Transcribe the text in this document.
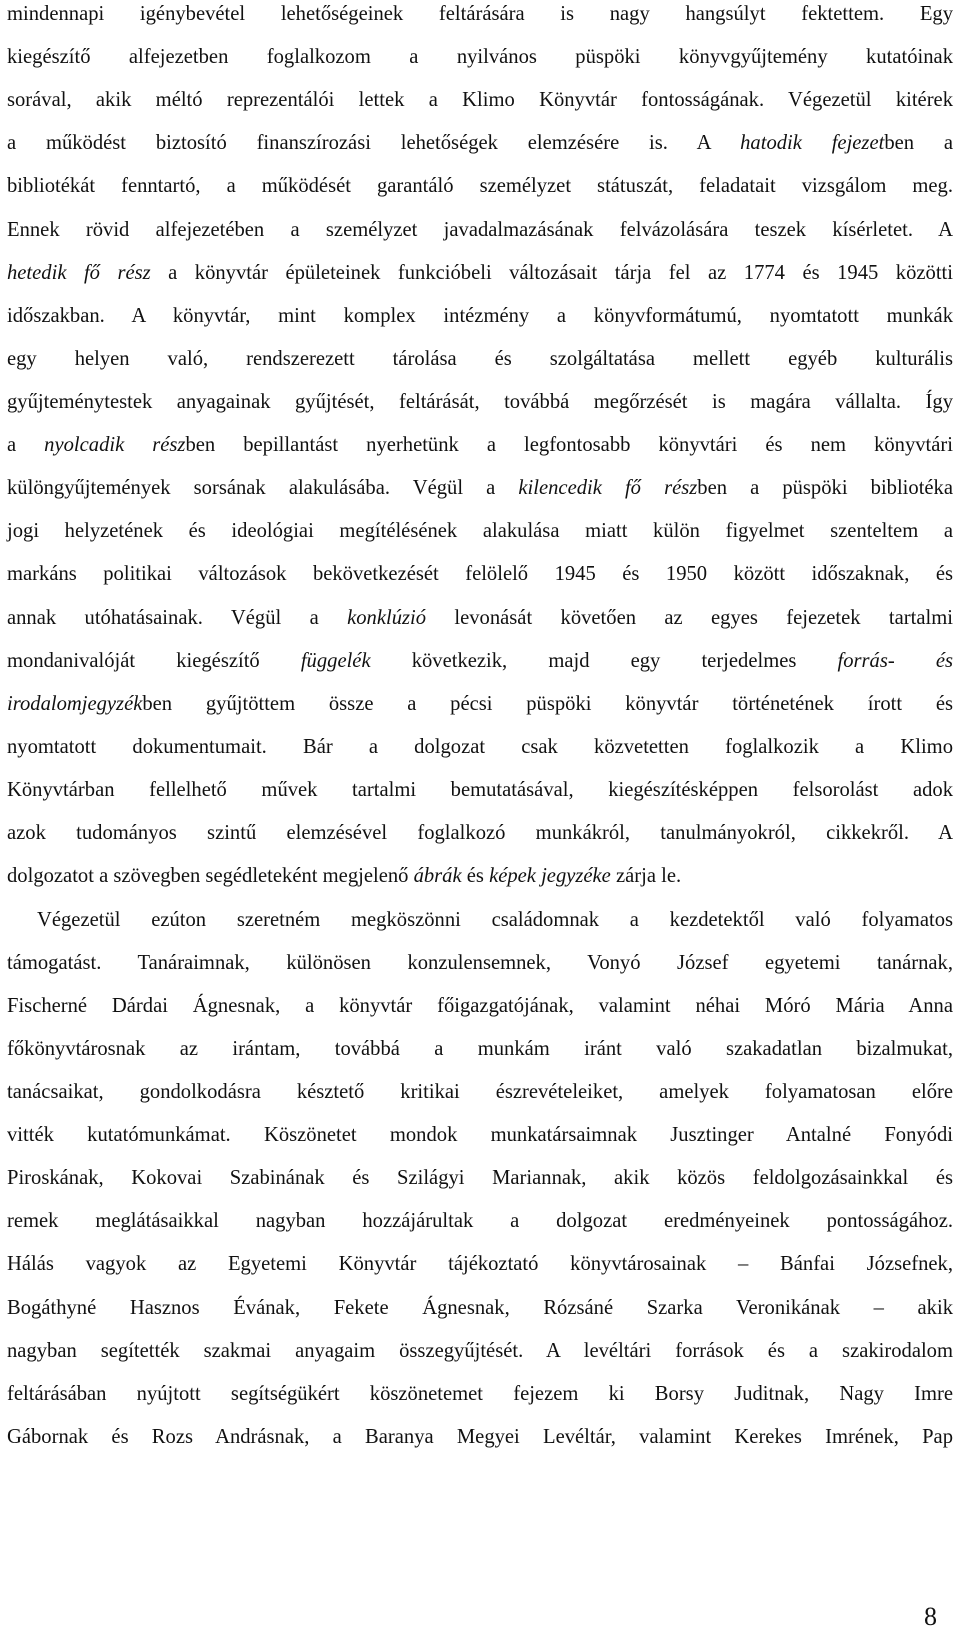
mindennapi igénybevétel lehetőségeinek feltárására is nagy hangsúlyt fektettem. Egy
kiegészítő alfejezetben foglalkozom a nyilvános püspöki könyvgyűjtemény kutatóinak
sorával, akik méltó reprezentálói lettek a Klimo Könyvtár fontosságának. Végezetül kitérek
a működést biztosító finanszírozási lehetőségek elemzésére is. A hatodik fejezetben a
bibliotékát fenntartó, a működését garantáló személyzet státuszát, feladatait vizsgálom meg.
Ennek rövid alfejezetében a személyzet javadalmazásának felvázolására teszek kísérletet. A
hetedik fő rész a könyvtár épületeinek funkcióbeli változásait tárja fel az 1774 és 1945 közötti
időszakban. A könyvtár, mint komplex intézmény a könyvformátumú, nyomtatott munkák
egy helyen való, rendszerezett tárolása és szolgáltatása mellett egyéb kulturális
gyűjteménytestek anyagainak gyűjtését, feltárását, továbbá megőrzését is magára vállalta. Így
a nyolcadik részben bepillantást nyerhetünk a legfontosabb könyvtári és nem könyvtári
különgyűjtemények sorsának alakulásába. Végül a kilencedik fő részben a püspöki bibliotéka
jogi helyzetének és ideológiai megítélésének alakulása miatt külön figyelmet szenteltem a
markáns politikai változások bekövetkezését felölelő 1945 és 1950 között időszaknak, és
annak utóhatásainak. Végül a konklúzió levonását követően az egyes fejezetek tartalmi
mondanivalóját kiegészítő függelék következik, majd egy terjedelmes forrás- és
irodalomjegyzékben gyűjtöttem össze a pécsi püspöki könyvtár történetének írott és
nyomtatott dokumentumait. Bár a dolgozat csak közvetetten foglalkozik a Klimo
Könyvtárban fellelhető művek tartalmi bemutatásával, kiegészítésképpen felsorolást adok
azok tudományos szintű elemzésével foglalkozó munkákról, tanulmányokról, cikkekről. A
dolgozatot a szövegben segédleteként megjelenő ábrák és képek jegyzéke zárja le.
Végezetül ezúton szeretném megköszönni családomnak a kezdetektől való folyamatos
támogatást. Tanáraimnak, különösen konzulensemnek, Vonyó József egyetemi tanárnak,
Fischerné Dárdai Ágnesnak, a könyvtár főigazgatójának, valamint néhai Móró Mária Anna
főkönyvtárosnak az irántam, továbbá a munkám iránt való szakadatlan bizalmukat,
tanácsaikat, gondolkodásra késztető kritikai észrevételeiket, amelyek folyamatosan előre
vitték kutatómunkámat. Köszönetet mondok munkatársaimnak Jusztinger Antalné Fonyódi
Piroskának, Kokovai Szabinának és Szilágyi Mariannak, akik közös feldolgozásainkkal és
remek meglátásaikkal nagyban hozzájárultak a dolgozat eredményeinek pontosságához.
Hálás vagyok az Egyetemi Könyvtár tájékoztató könyvtárosainak – Bánfai Józsefnek,
Bogáthyné Hasznos Évának, Fekete Ágnesnak, Rózsáné Szarka Veronikának – akik
nagyban segítették szakmai anyagaim összegyűjtését. A levéltári források és a szakirodalom
feltárásában nyújtott segítségükért köszönetemet fejezem ki Borsy Juditnak, Nagy Imre
Gábornak és Rozs Andrásnak, a Baranya Megyei Levéltár, valamint Kerekes Imrének, Pap
8
